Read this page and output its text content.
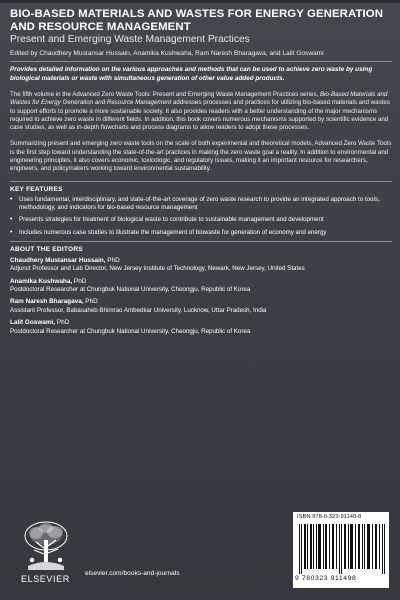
BIO-BASED MATERIALS AND WASTES FOR ENERGY GENERATION AND RESOURCE MANAGEMENT
Present and Emerging Waste Management Practices
Edited by Chaudhery Mustansar Hussain, Anamika Kushwaha, Ram Naresh Bharagava, and Lalit Goswami
Provides detailed information on the various approaches and methods that can be used to achieve zero waste by using biological materials or waste with simultaneous generation of other value added products.
The fifth volume in the Advanced Zero Waste Tools: Present and Emerging Waste Management Practices series, Bio-Based Materials and Wastes for Energy Generation and Resource Management addresses processes and practices for utilizing bio-based materials and wastes to support efforts to promote a more sustainable society. It also provides readers with a better understanding of the major mechanisms required to achieve zero waste in different fields. In addition, this book covers numerous mechanisms supported by scientific evidence and case studies, as well as in-depth flowcharts and process diagrams to allow readers to adopt these processes.
Summarizing present and emerging zero waste tools on the scale of both experimental and theoretical models, Advanced Zero Waste Tools is the first step toward understanding the state-of-the-art practices in making the zero waste goal a reality. In addition to environmental and engineering principles, it also covers economic, toxicologic, and regulatory issues, making it an important resource for researchers, engineers, and policymakers working toward environmental sustainability.
KEY FEATURES
• Uses fundamental, interdisciplinary, and state-of-the-art coverage of zero waste research to provide an integrated approach to tools, methodology, and indicators for bio-based resource management
• Presents strategies for treatment of biological waste to contribute to sustainable management and development
• Includes numerous case studies to illustrate the management of biowaste for generation of economy and energy
ABOUT THE EDITORS
Chaudhery Mustansar Hussain, PhD
Adjunct Professor and Lab Director, New Jersey Institute of Technology, Newark, New Jersey, United States
Anamika Kushwaha, PhD
Postdoctoral Researcher at Chungbuk National University, Cheongju, Republic of Korea
Ram Naresh Bharagava, PhD
Assistant Professor, Babasaheb Bhimrao Ambedkar University, Lucknow, Uttar Pradesh, India
Lalit Goswami, PhD
Postdoctoral Researcher at Chungbuk National University, Cheongju, Republic of Korea
ELSEVIER
elsevier.com/books-and-journals
ISBN 978-0-323-91149-8
9 780323 911498
